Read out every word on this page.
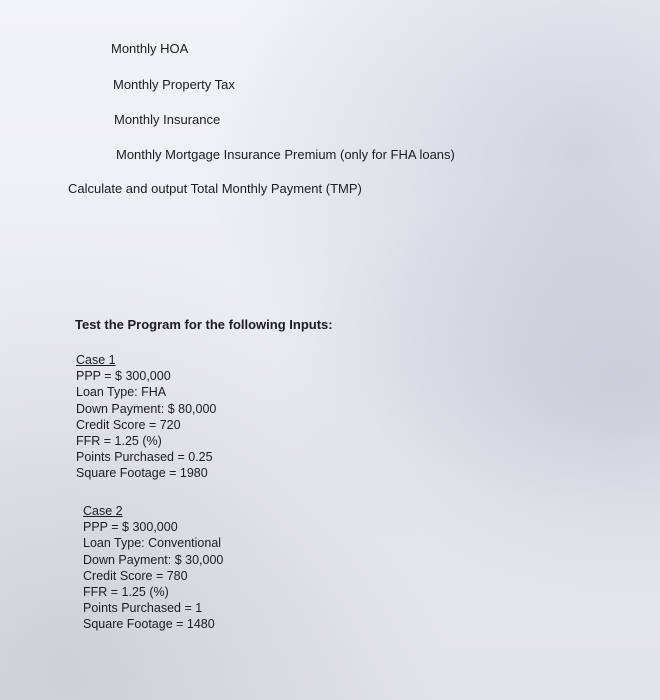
Monthly HOA
Monthly Property Tax
Monthly Insurance
Monthly Mortgage Insurance Premium (only for FHA loans)
Calculate and output Total Monthly Payment (TMP)
Test the Program for the following Inputs:
Case 1
PPP = $ 300,000
Loan Type: FHA
Down Payment: $ 80,000
Credit Score = 720
FFR = 1.25 (%)
Points Purchased = 0.25
Square Footage = 1980
Case 2
PPP = $ 300,000
Loan Type: Conventional
Down Payment: $ 30,000
Credit Score = 780
FFR = 1.25 (%)
Points Purchased = 1
Square Footage = 1480
